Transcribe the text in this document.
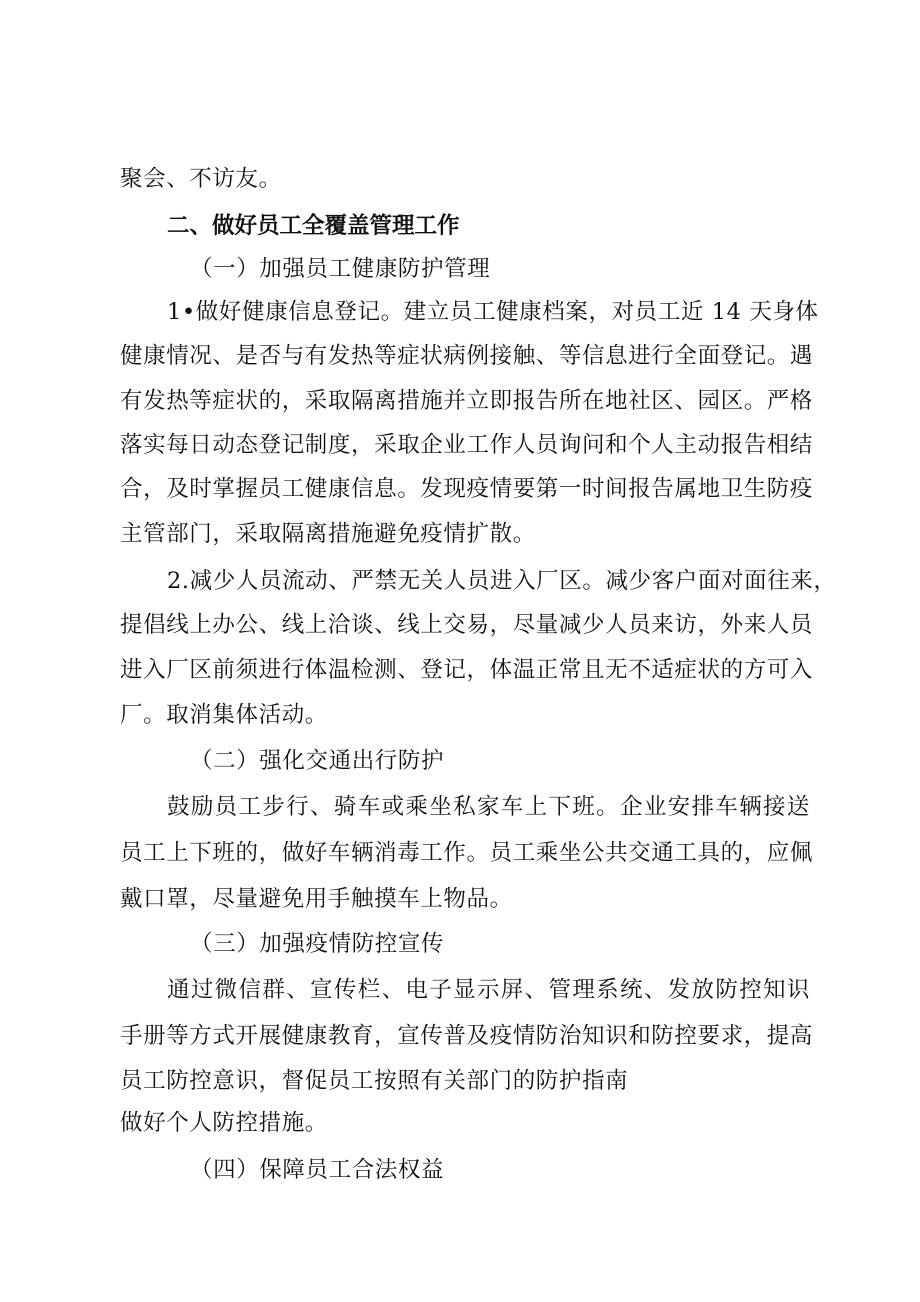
聚会、不访友。
二、做好员工全覆盖管理工作
（一）加强员工健康防护管理
1•做好健康信息登记。建立员工健康档案，对员工近 14 天身体
健康情况、是否与有发热等症状病例接触、等信息进行全面登记。遇
有发热等症状的，采取隔离措施并立即报告所在地社区、园区。严格
落实每日动态登记制度，采取企业工作人员询问和个人主动报告相结
合，及时掌握员工健康信息。发现疫情要第一时间报告属地卫生防疫
主管部门，采取隔离措施避免疫情扩散。
2.减少人员流动、严禁无关人员进入厂区。减少客户面对面往来，
提倡线上办公、线上洽谈、线上交易，尽量减少人员来访，外来人员
进入厂区前须进行体温检测、登记，体温正常且无不适症状的方可入
厂。取消集体活动。
（二）强化交通出行防护
鼓励员工步行、骑车或乘坐私家车上下班。企业安排车辆接送
员工上下班的，做好车辆消毒工作。员工乘坐公共交通工具的，应佩
戴口罩，尽量避免用手触摸车上物品。
（三）加强疫情防控宣传
通过微信群、宣传栏、电子显示屏、管理系统、发放防控知识
手册等方式开展健康教育，宣传普及疫情防治知识和防控要求，提高
员工防控意识，督促员工按照有关部门的防护指南
做好个人防控措施。
（四）保障员工合法权益
